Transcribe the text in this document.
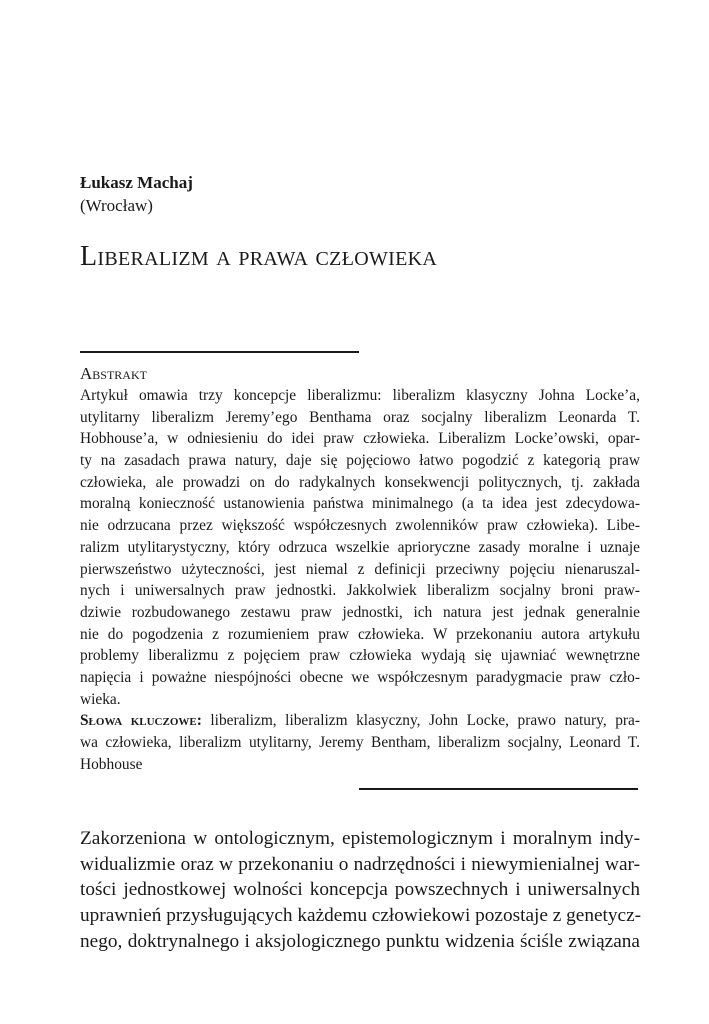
Łukasz Machaj
(Wrocław)
Liberalizm a prawa człowieka
Abstrakt
Artykuł omawia trzy koncepcje liberalizmu: liberalizm klasyczny Johna Locke’a,
utylitarny liberalizm Jeremy’ego Benthama oraz socjalny liberalizm Leonarda T.
Hobhouse’a, w odniesieniu do idei praw człowieka. Liberalizm Locke’owski, opar-
ty na zasadach prawa natury, daje się pojęciowo łatwo pogodzić z kategorią praw
człowieka, ale prowadzi on do radykalnych konsekwencji politycznych, tj. zakłada
moralną konieczność ustanowienia państwa minimalnego (a ta idea jest zdecydowa-
nie odrzucana przez większość współczesnych zwolenników praw człowieka). Libe-
ralizm utylitarystyczny, który odrzuca wszelkie aprioryczne zasady moralne i uznaje
pierwszeństwo użyteczności, jest niemal z definicji przeciwny pojęciu nienaruszal-
nych i uniwersalnych praw jednostki. Jakkolwiek liberalizm socjalny broni praw-
dziwie rozbudowanego zestawu praw jednostki, ich natura jest jednak generalnie
nie do pogodzenia z rozumieniem praw człowieka. W przekonaniu autora artykułu
problemy liberalizmu z pojęciem praw człowieka wydają się ujawniać wewnętrzne
napięcia i poważne niespójności obecne we współczesnym paradygmacie praw czło-
wieka.
Słowa kluczowe: liberalizm, liberalizm klasyczny, John Locke, prawo natury, pra-
wa człowieka, liberalizm utylitarny, Jeremy Bentham, liberalizm socjalny, Leonard T.
Hobhouse
Zakorzeniona w ontologicznym, epistemologicznym i moralnym indy-
widualizmie oraz w przekonaniu o nadrzędności i niewymienialnej war-
tości jednostkowej wolności koncepcja powszechnych i uniwersalnych
uprawnień przysługujących każdemu człowiekowi pozostaje z genetycz-
nego, doktrynalnego i aksjologicznego punktu widzenia ściśle związana
